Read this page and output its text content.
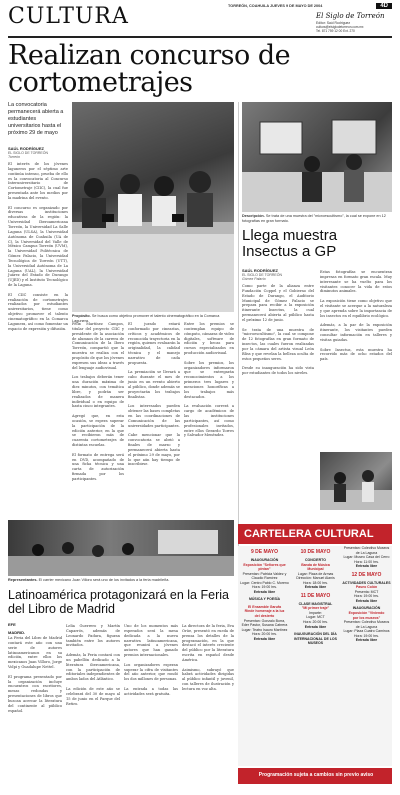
CULTURA	TORREÓN, COAHUILA JUEVES 9 DE MAYO DE 2004	4D
El Siglo de Torreón
Editor: Saúl Rodríguez
cultura@elsiglodetorreon.com.mx
Tel. 871 759 12 00 Ext. 270
Realizan concurso de cortometrajes
La convocatoria permanecerá abierta a estudiantes universitarios hasta el próximo 29 de mayo
SAÚL RODRÍGUEZ
EL SIGLO DE TORREÓN
Torreón
El interés de los jóvenes laguneros por el séptimo arte continúa intenso, prueba de ello es la convocatoria al Concurso Interuniversitario de Cortometraje (CIIC), la cual fue presentada ante los medios por la madrina del evento.

El concurso es organizado por diversas instituciones educativas de la región: la Universidad Iberoamericana Torreón, la Universidad La Salle Laguna (ULSA), la Universidad Autónoma de Coahuila (UA de C), la Universidad del Valle de México Campus Torreón (UVM), la Universidad Politécnica de Gómez Palacio, la Universidad Tecnológica de Torreón (UTT), la Universidad Autónoma de La Laguna (UAL), la Universidad Juárez del Estado de Durango (UJED) y el Instituto Tecnológico de la Laguna.

El CIIC consiste en la realización de cortometrajes realizados por estudiantes universitarios, tiene como objetivo promover el talento cinematográfico en la Comarca Lagunera, así como fomentar un espacio de expresión y difusión.
Propósito. Se busca como objetivo promover el talento cinematográfico en la Comarca Lagunera.
Félix Martínez Campos, titular del proyecto CIIC y presidente de la asociación de alumnos de la carrera de Comunicación de la Ibero Torreón, compartió que la muestra se realiza con el propósito de que los jóvenes expresen sus ideas a través del lenguaje audiovisual.

Los trabajos deberán tener una duración máxima de diez minutos, con temática libre, y podrán ser realizados de manera individual o en equipo de hasta cinco integrantes.

Agregó que, en esta ocasión, se espera superar la participación de la edición anterior, en la que se recibieron más de cuarenta cortometrajes de distintas escuelas.

El formato de entrega será en DVD, acompañado de una ficha técnica y una carta de autorización firmada por los participantes.
El jurado estará conformado por cineastas, críticos y académicos de reconocida trayectoria en la región, quienes evaluarán la originalidad, la calidad técnica y el manejo narrativo de cada propuesta.

La premiación se llevará a cabo durante el mes de junio en un evento abierto al público, donde además se proyectarán los trabajos finalistas.

Los interesados pueden obtener las bases completas en las coordinaciones de Comunicación de las universidades participantes.

Cabe mencionar que la convocatoria se abrió a finales de marzo y permanecerá abierta hasta el próximo 29 de mayo, por lo que aún hay tiempo de inscribirse.
Entre los premios se contemplan equipo de cómputo, cámaras de video digitales, software de edición y becas para cursos especializados en producción audiovisual.

Sobre los premios, los organizadores informaron que se entregarán reconocimientos a los primeros tres lugares y menciones honoríficas a los trabajos más destacados.

La evaluación correrá a cargo de académicos de las instituciones participantes, así como profesionales invitados, entre ellos Gerardo Torres y Salvador Menéndez.
Descripción. Se trata de una muestra del "microescultismo", la cual se expone en 12 fotografías en gran formato.
Llega muestra Insectus a GP
SAÚL RODRÍGUEZ
EL SIGLO DE TORREÓN
Gómez Palacio
Como parte de la alianza entre Fundación Coppel y el Gobierno del Estado de Durango, el Auditorio Municipal de Gómez Palacio se prepara para recibir a la exposición itinerante Insectus, la cual permanecerá abierta al público hasta el próximo 12 de junio.

Se trata de una muestra de "microescultismo", la cual se compone de 12 fotografías en gran formato de insectos, las cuales fueron realizadas por la cámara del artista visual León Bliss y que revelan la belleza oculta de estos pequeños seres.

Desde su inauguración ha sido vista por estudiantes de todos los niveles.
Estas fotografías se encuentran impresas en formato gran escala. Muy interesante se ha vuelto para los visitantes conocer la vida de estos diminutos animales.

La exposición tiene como objetivo que el visitante se acerque a la naturaleza y que aprenda sobre la importancia de los insectos en el equilibrio ecológico.

Además, a la par de la exposición itinerante, los visitantes pueden consultar información en talleres y visitas guiadas.

Sobre Insectus, esta muestra ha recorrido más de ocho estados del país.
CARTELERA CULTURAL
9 DE MAYO
INAUGURACIÓN
Exposición "Señores que pintan"
Presentan: Patricia Valdez y
Claudio Ramírez
Lugar: Centro Pablo C. Moreno
Hora: 19:00 hrs.
Entrada libre

MÚSICA Y POESÍA

El Ensamble Garufa
Rinde homenaje a la luz
del desierto
Presentan: Gonzalo Borra,
Eder Pastor, Susana Cabrera
Lugar: Teatro Isauro Martínez
Hora: 20:00 hrs.
Entrada libre
10 DE MAYO
CONCIERTO
Banda de Música
Municipal
Lugar: Plaza de Armas
Dirección: Manuel Alanís
Hora: 18:00 hrs.
Entrada libre

11 DE MAYO

CLASE MAGISTRAL
"Mi primer traje"
Imparte:
Lugar: MCT
Hora: 20:00 hrs.
Entrada libre

INAUGURACIÓN DEL DÍA
INTERNACIONAL DE LOS
MUSEOS
Presentan: Colectivo Museos
de La Laguna
Lugar: Museo Casa del Cerro
Hora: 11:00 hrs.
Entrada libre

12 DE MAYO

ACTIVIDADES CULTURALES
Paseo Colón
Presenta: MCT
Hora: 19:00 hrs.
Entrada libre

INAUGURACIÓN
Exposición "Viviendo
por los museos"
Presentan: Colectivo Museos
de La Laguna
Lugar: Plaza Cuatro Caminos
Hora: 19:00 hrs.
Entrada libre
Programación sujeta a cambios sin previo aviso
Representantes. El carrier mexicano Juan Villoro será uno de los invitados a la feria madrileña.
Latinoamérica protagonizará en la Feria del Libro de Madrid
EFE
MADRID.
La Feria del Libro de Madrid contará este año con una serie de autores latinoamericanos en su edición, entre ellos los mexicanos Juan Villoro, Jorge Volpi y Guadalupe Nettel.

El programa presentado por la organización incluye encuentros con escritores, mesas redondas y presentaciones de libros que buscan acercar la literatura del continente al público español.
Lelia Guerrero y Martín Caparrós, además de Leonardo Padura, figuran también entre los autores invitados.

Además, la Feria contará con un pabellón dedicado a la literatura iberoamericana, con la participación de editoriales independientes de ambos lados del Atlántico.

La edición de este año se celebrará del 30 de mayo al 15 de junio en el Parque del Retiro.
Uno de los momentos más esperados será la mesa dedicada a la nueva narrativa latinoamericana, que reunirá a jóvenes autores que han ganado premios internacionales.

Los organizadores esperan superar la cifra de visitantes del año anterior, que rondó los dos millones de personas.

La entrada a todas las actividades será gratuita.
La directora de la feria, Eva Orúe, presentó en rueda de prensa los detalles de la programación, en la que destacó el interés creciente del público por la literatura escrita en español desde América.

Asimismo, subrayó que habrá actividades dirigidas al público infantil y juvenil, con talleres de ilustración y lectura en voz alta.
